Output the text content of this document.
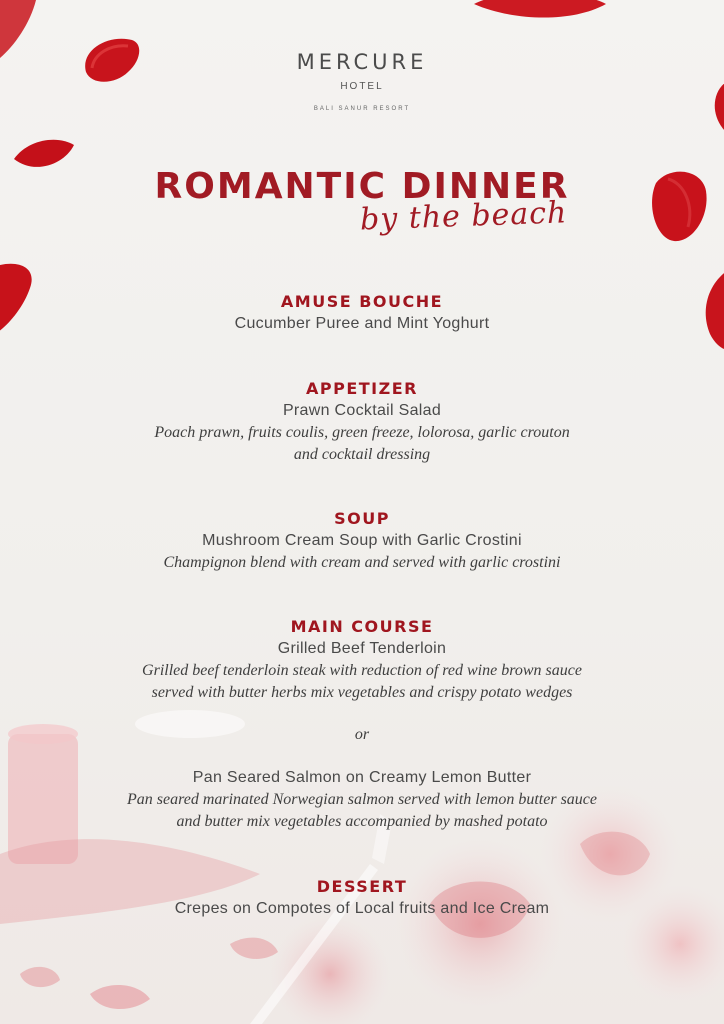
MERCURE
HOTEL
BALI SANUR RESORT
ROMANTIC DINNER
by the beach
AMUSE BOUCHE
Cucumber Puree and Mint Yoghurt
APPETIZER
Prawn Cocktail Salad
Poach prawn, fruits coulis, green freeze, lolorosa, garlic crouton
and cocktail dressing
SOUP
Mushroom Cream Soup with Garlic Crostini
Champignon blend with cream and served with garlic crostini
MAIN COURSE
Grilled Beef Tenderloin
Grilled beef tenderloin steak with reduction of red wine brown sauce
served with butter herbs mix vegetables and crispy potato wedges
or
Pan Seared Salmon on Creamy Lemon Butter
Pan seared marinated Norwegian salmon served with lemon butter sauce
and butter mix vegetables accompanied by mashed potato
DESSERT
Crepes on Compotes of Local fruits and Ice Cream
